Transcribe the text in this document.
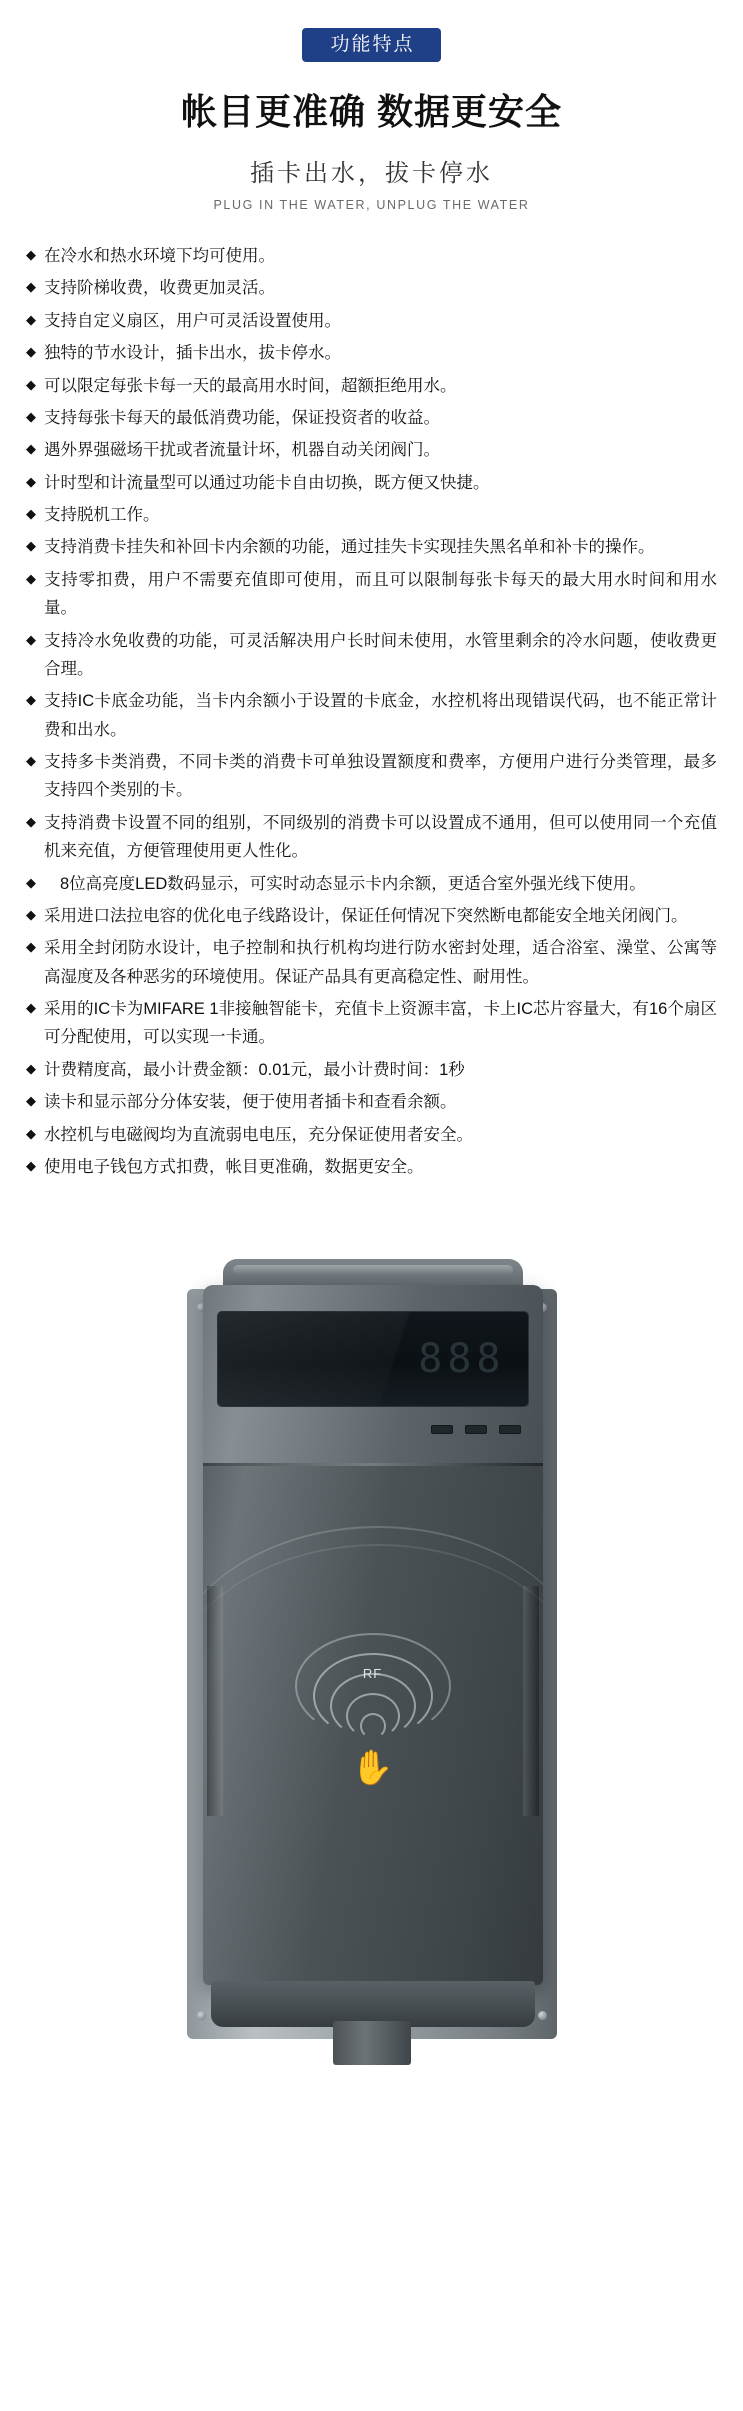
功能特点
帐目更准确 数据更安全
插卡出水，拔卡停水
PLUG IN THE WATER, UNPLUG THE WATER
◆ 在冷水和热水环境下均可使用。
◆ 支持阶梯收费，收费更加灵活。
◆ 支持自定义扇区，用户可灵活设置使用。
◆ 独特的节水设计，插卡出水，拔卡停水。
◆ 可以限定每张卡每一天的最高用水时间，超额拒绝用水。
◆ 支持每张卡每天的最低消费功能，保证投资者的收益。
◆ 遇外界强磁场干扰或者流量计坏，机器自动关闭阀门。
◆ 计时型和计流量型可以通过功能卡自由切换，既方便又快捷。
◆ 支持脱机工作。
◆ 支持消费卡挂失和补回卡内余额的功能，通过挂失卡实现挂失黑名单和补卡的操作。
◆ 支持零扣费，用户不需要充值即可使用，而且可以限制每张卡每天的最大用水时间和用水量。
◆ 支持冷水免收费的功能，可灵活解决用户长时间未使用，水管里剩余的冷水问题，使收费更合理。
◆ 支持IC卡底金功能，当卡内余额小于设置的卡底金，水控机将出现错误代码，也不能正常计费和出水。
◆ 支持多卡类消费，不同卡类的消费卡可单独设置额度和费率，方便用户进行分类管理，最多支持四个类别的卡。
◆ 支持消费卡设置不同的组别，不同级别的消费卡可以设置成不通用，但可以使用同一个充值机来充值，方便管理使用更人性化。
◆	8位高亮度LED数码显示，可实时动态显示卡内余额，更适合室外强光线下使用。
◆ 采用进口法拉电容的优化电子线路设计，保证任何情况下突然断电都能安全地关闭阀门。
◆ 采用全封闭防水设计，电子控制和执行机构均进行防水密封处理，适合浴室、澡堂、公寓等高湿度及各种恶劣的环境使用。保证产品具有更高稳定性、耐用性。
◆ 采用的IC卡为MIFARE 1非接触智能卡，充值卡上资源丰富，卡上IC芯片容量大，有16个扇区可分配使用，可以实现一卡通。
◆ 计费精度高，最小计费金额：0.01元，最小计费时间：1秒
◆ 读卡和显示部分分体安装，便于使用者插卡和查看余额。
◆ 水控机与电磁阀均为直流弱电电压，充分保证使用者安全。
◆ 使用电子钱包方式扣费，帐目更准确，数据更安全。
888
RF
✋
